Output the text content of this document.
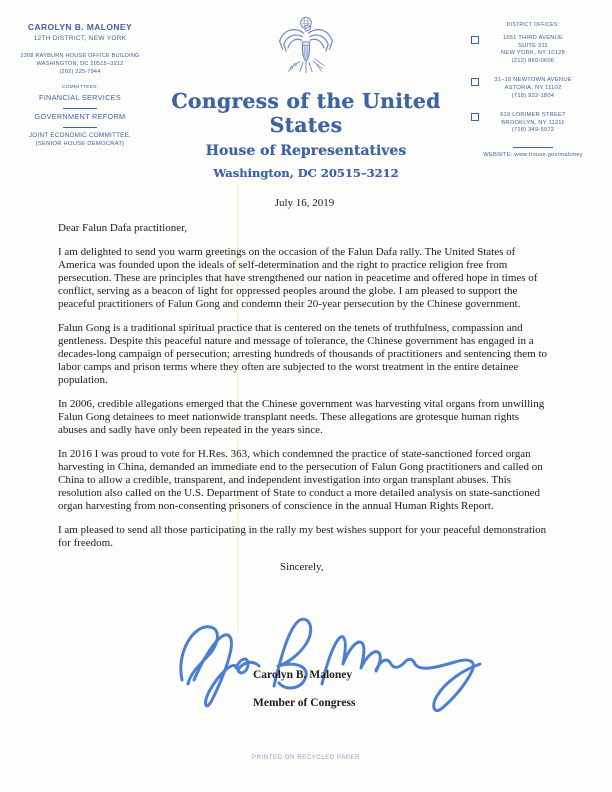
CAROLYN B. MALONEY
12TH DISTRICT, NEW YORK
2308 RAYBURN HOUSE OFFICE BUILDING
WASHINGTON, DC 20515–3212
(202) 225-7944
COMMITTEES:
FINANCIAL SERVICES
GOVERNMENT REFORM
JOINT ECONOMIC COMMITTEE,
[SENIOR HOUSE DEMOCRAT]
Congress of the United States
House of Representatives
Washington, DC 20515–3212
DISTRICT OFFICES:
1651 THIRD AVENUE
SUITE 311
NEW YORK, NY 10128
(212) 860-0606
31–19 NEWTOWN AVENUE
ASTORIA, NY 11102
(718) 932-1804
619 LORIMER STREET
BROOKLYN, NY 11211
(718) 349-5972
WEBSITE: www.house.gov/maloney
July 16, 2019

Dear Falun Dafa practitioner,

I am delighted to send you warm greetings on the occasion of the Falun Dafa rally. The United States of America was founded upon the ideals of self-determination and the right to practice religion free from persecution. These are principles that have strengthened our nation in peacetime and offered hope in times of conflict, serving as a beacon of light for oppressed peoples around the globe. I am pleased to support the peaceful practitioners of Falun Gong and condemn their 20-year persecution by the Chinese government.

Falun Gong is a traditional spiritual practice that is centered on the tenets of truthfulness, compassion and gentleness. Despite this peaceful nature and message of tolerance, the Chinese government has engaged in a decades-long campaign of persecution; arresting hundreds of thousands of practitioners and sentencing them to labor camps and prison terms where they often are subjected to the worst treatment in the entire detainee population.

In 2006, credible allegations emerged that the Chinese government was harvesting vital organs from unwilling Falun Gong detainees to meet nationwide transplant needs. These allegations are grotesque human rights abuses and sadly have only been repeated in the years since.

In 2016 I was proud to vote for H.Res. 363, which condemned the practice of state-sanctioned forced organ harvesting in China, demanded an immediate end to the persecution of Falun Gong practitioners and called on China to allow a credible, transparent, and independent investigation into organ transplant abuses. This resolution also called on the U.S. Department of State to conduct a more detailed analysis on state-sanctioned organ harvesting from non-consenting prisoners of conscience in the annual Human Rights Report.

I am pleased to send all those participating in the rally my best wishes support for your peaceful demonstration for freedom.

Sincerely,

Carolyn B. Maloney
Member of Congress
PRINTED ON RECYCLED PAPER
